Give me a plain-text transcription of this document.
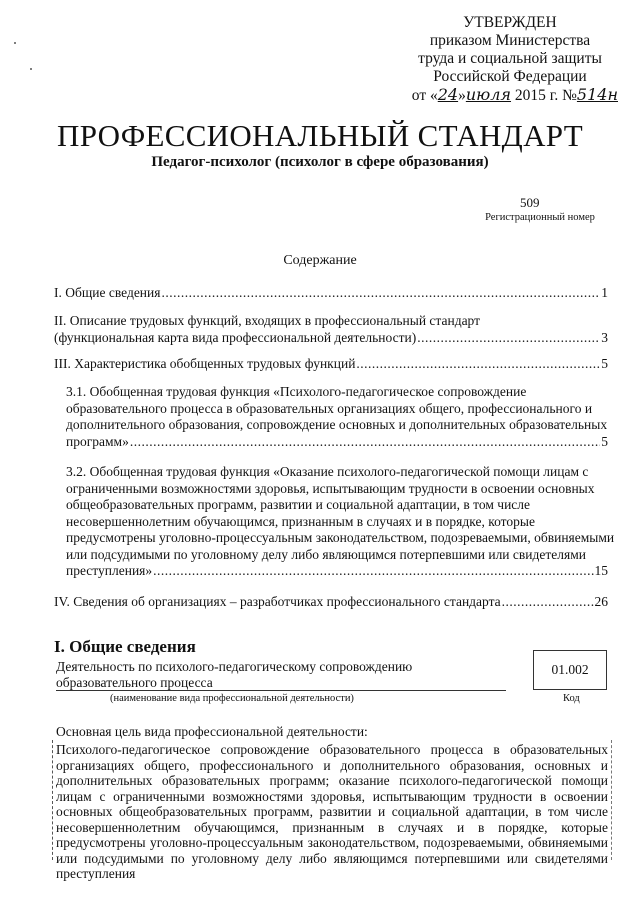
УТВЕРЖДЕН
приказом Министерства
труда и социальной защиты
Российской Федерации
от «24»июля 2015 г. №514н
ПРОФЕССИОНАЛЬНЫЙ СТАНДАРТ
Педагог-психолог (психолог в сфере образования)
509
Регистрационный номер
Содержание
I. Общие сведения .....	1
II. Описание трудовых функций, входящих в профессиональный стандарт
(функциональная карта вида профессиональной деятельности) .....	3
III. Характеристика обобщенных трудовых функций .....	5
3.1. Обобщенная трудовая функция «Психолого-педагогическое сопровождение
образовательного процесса в образовательных организациях общего, профессионального и
дополнительного образования, сопровождение основных и дополнительных образовательных
программ» .....	5
3.2. Обобщенная трудовая функция «Оказание психолого-педагогической помощи лицам с
ограниченными возможностями здоровья, испытывающим трудности в освоении основных
общеобразовательных программ, развитии и социальной адаптации, в том числе
несовершеннолетним обучающимся, признанным в случаях и в порядке, которые
предусмотрены уголовно-процессуальным законодательством, подозреваемыми, обвиняемыми
или подсудимыми по уголовному делу либо являющимся потерпевшими или свидетелями
преступления» .....	15
IV. Сведения об организациях – разработчиках профессионального стандарта .....	26
I. Общие сведения
Деятельность по психолого-педагогическому сопровождению
образовательного процесса
(наименование вида профессиональной деятельности)
01.002
Код
Основная цель вида профессиональной деятельности:
Психолого-педагогическое сопровождение образовательного процесса в образовательных организациях общего, профессионального и дополнительного образования, основных и дополнительных образовательных программ; оказание психолого-педагогической помощи лицам с ограниченными возможностями здоровья, испытывающим трудности в освоении основных общеобразовательных программ, развитии и социальной адаптации, в том числе несовершеннолетним обучающимся, признанным в случаях и в порядке, которые предусмотрены уголовно-процессуальным законодательством, подозреваемыми, обвиняемыми или подсудимыми по уголовному делу либо являющимся потерпевшими или свидетелями преступления
